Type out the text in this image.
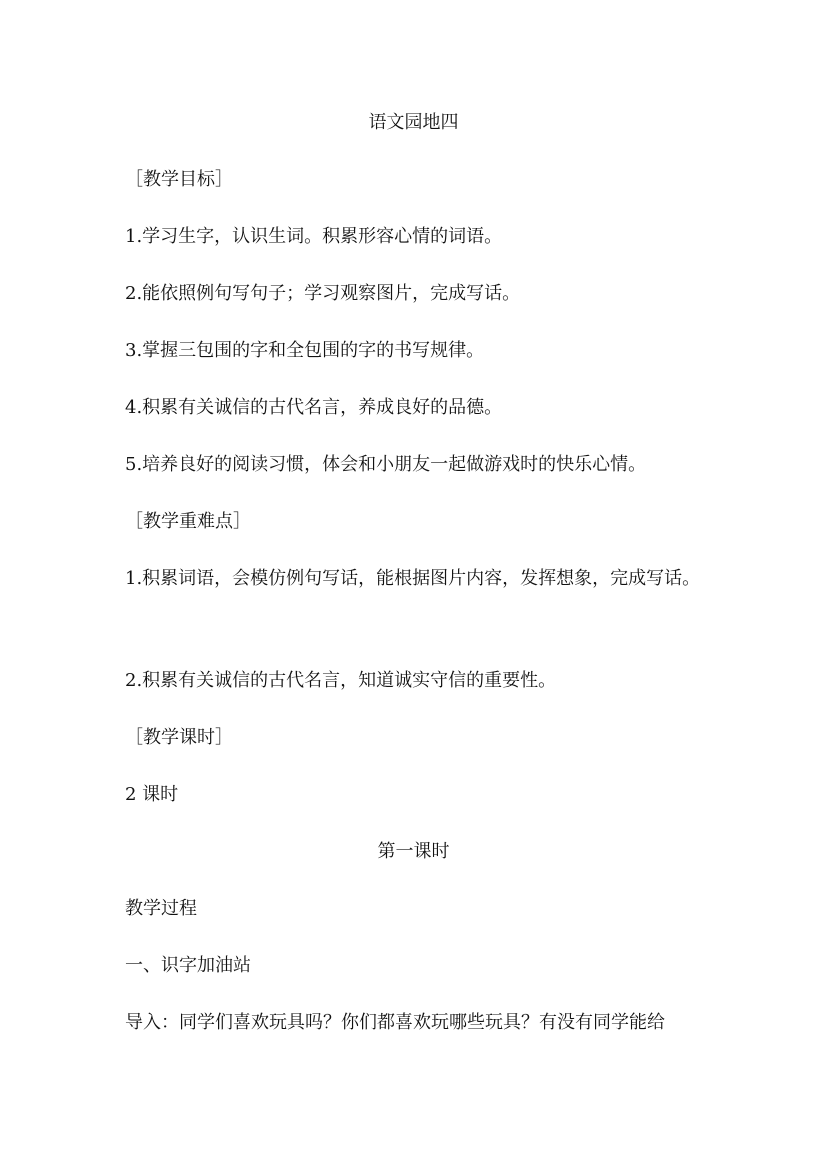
语文园地四
［教学目标］
1.学习生字，认识生词。积累形容心情的词语。
2.能依照例句写句子；学习观察图片，完成写话。
3.掌握三包围的字和全包围的字的书写规律。
4.积累有关诚信的古代名言，养成良好的品德。
5.培养良好的阅读习惯，体会和小朋友一起做游戏时的快乐心情。
［教学重难点］
1.积累词语，会模仿例句写话，能根据图片内容，发挥想象，完成写话。
2.积累有关诚信的古代名言，知道诚实守信的重要性。
［教学课时］
2 课时
第一课时
教学过程
一、识字加油站
导入：同学们喜欢玩具吗？你们都喜欢玩哪些玩具？有没有同学能给
